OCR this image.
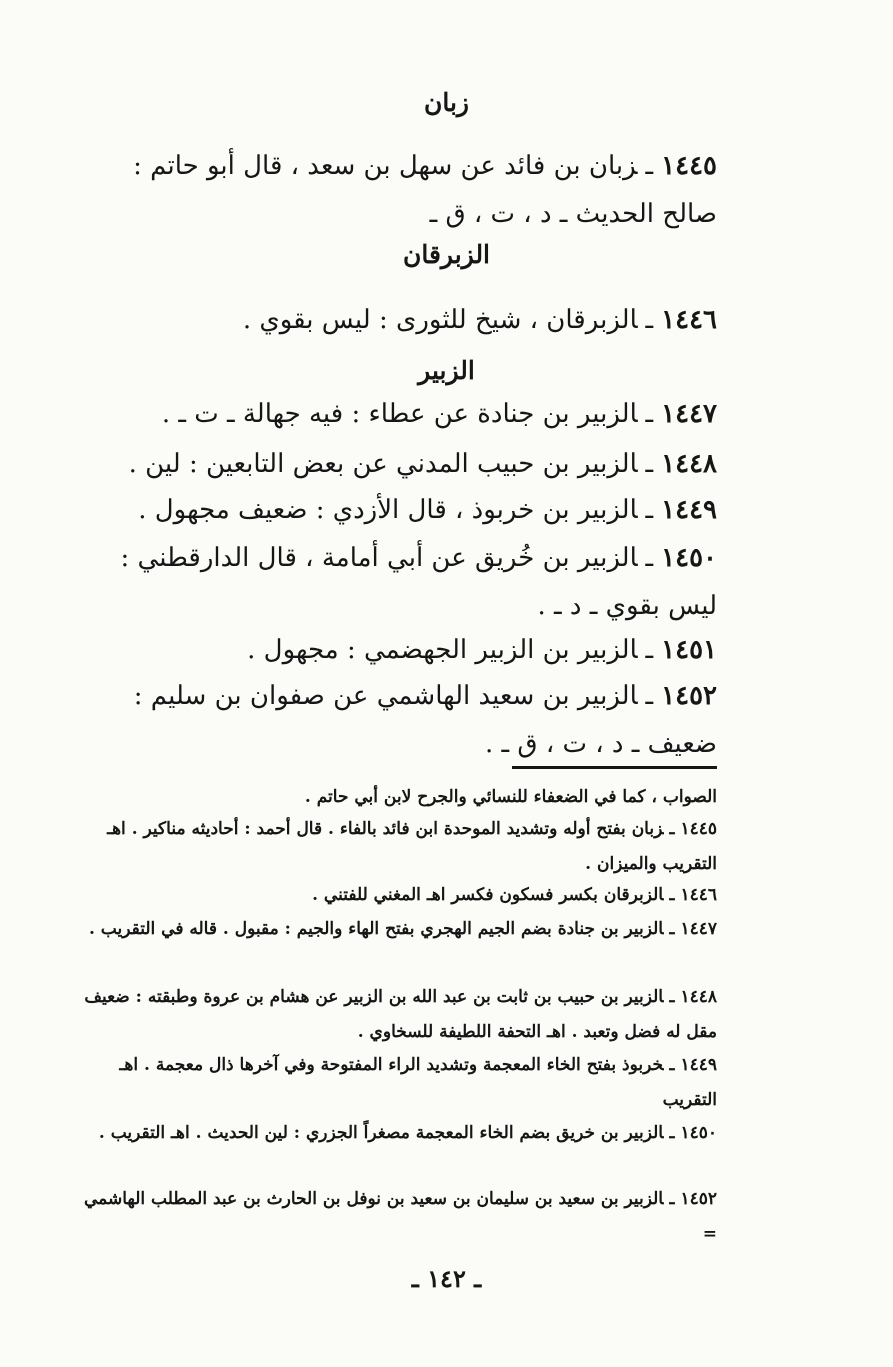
زبان
١٤٤٥ـزبان بن فائد عن سهل بن سعد ، قال أبو حاتم : صالح الحديث ـ د ، ت ، ق ـ
الزبرقان
١٤٤٦ـالزبرقان ، شيخ للثورى : ليس بقوي .
الزبير
١٤٤٧ـالزبير بن جنادة عن عطاء : فيه جهالة ـ ت ـ .
١٤٤٨ـالزبير بن حبيب المدني عن بعض التابعين : لين .
١٤٤٩ـالزبير بن خربوذ ، قال الأزدي : ضعيف مجهول .
١٤٥٠ـالزبير بن خُريق عن أبي أمامة ، قال الدارقطني : ليس بقوي ـ د ـ .
١٤٥١ـالزبير بن الزبير الجهضمي : مجهول .
١٤٥٢ـالزبير بن سعيد الهاشمي عن صفوان بن سليم : ضعيف ـ د ، ت ، ق ـ .
الصواب ، كما في الضعفاء للنسائي والجرح لابن أبي حاتم .
١٤٤٥ـزبان بفتح أوله وتشديد الموحدة ابن فائد بالفاء . قال أحمد : أحاديثه مناكير . اهـ التقريب والميزان .
١٤٤٦ـالزبرقان بكسر فسكون فكسر اهـ المغني للفتني .
١٤٤٧ـالزبير بن جنادة بضم الجيم الهجري بفتح الهاء والجيم : مقبول . قاله في التقريب .
١٤٤٨ـالزبير بن حبيب بن ثابت بن عبد الله بن الزبير عن هشام بن عروة وطبقته : ضعيف مقل له فضل وتعبد . اهـ التحفة اللطيفة للسخاوي .
١٤٤٩ـخربوذ بفتح الخاء المعجمة وتشديد الراء المفتوحة وفي آخرها ذال معجمة . اهـ التقريب
١٤٥٠ـالزبير بن خريق بضم الخاء المعجمة مصغراً الجزري : لين الحديث . اهـ التقريب .
١٤٥٢ـالزبير بن سعيد بن سليمان بن سعيد بن نوفل بن الحارث بن عبد المطلب الهاشمي =
ـ ١٤٢ ـ
